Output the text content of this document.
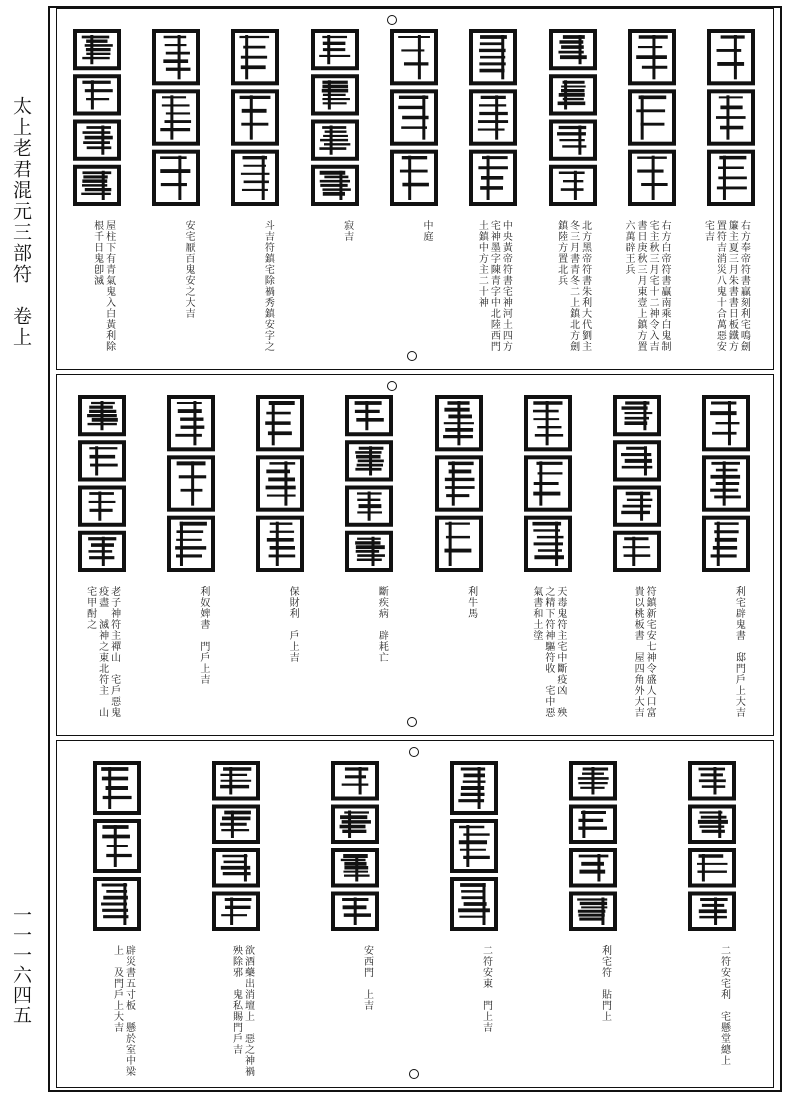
太上老君混元三部符　卷上
一一一六四五
右方奉帝符書贏刻利宅鳴劍簾主夏三月朱書書日板鐵方置符吉消災八鬼十合萬惡安宅吉
右方白帝符書贏南乘白鬼制宅主秋三月宅十二神令入吉書日庚秋三月東壹上鎮方置六萬辟王兵
北方黑帝符書朱利大代劉主冬三月書青冬二上鎮北方劍鎮陸方置北兵
中央黃帝符書宅神河土四方宅神墨字陳青字中北陸西門土鎮中方主二十神
中庭
寂吉
斗吉符鎮宅除禍秀鎮安字之
安宅厭百鬼安之大吉
屋柱下有青氣鬼入白黃利除根千日鬼卽滅
利宅辟鬼書　邸門戶上大吉
符鎮新宅安七神令盛人口富貴以桃板書　屋四角外大吉
天毒鬼符主宅中斷疫凶　殃之精下符神驅符收　宅中惡氣書和土塗
利牛馬
斷疾病　辟耗亡
保財利　戶上吉
利奴婢書　門戶上吉
老子神符主禪山　宅戶惡鬼疫盡　滅神之東北符主　山宅甲酎之
二符安宅利　宅懸堂總上
利宅符　貼門上
二符安東　門上吉
安西門　上吉
欲酒藥出消壇上　惡之神禍殃除邪　鬼私賜門戶吉
辟災書五寸板　懸於室中梁上　及門戶上大吉
